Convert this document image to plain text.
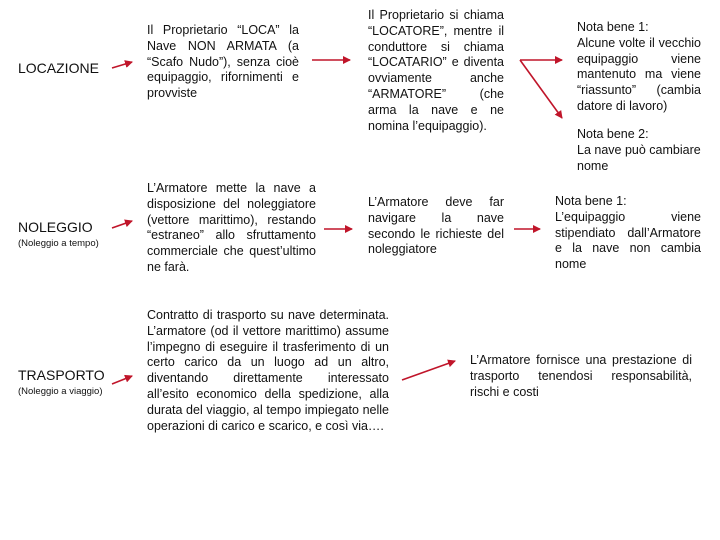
LOCAZIONE
Il Proprietario “LOCA” la Nave NON ARMATA (a “Scafo Nudo”), senza cioè equipaggio, rifornimenti e provviste
Il Proprietario si chiama “LOCATORE”, mentre il conduttore si chiama “LOCATARIO” e diventa ovviamente anche “ARMATORE” (che arma la nave e ne nomina l’equipaggio).
Nota bene 1:
Alcune volte il vecchio equipaggio viene mantenuto ma viene “riassunto” (cambia datore di lavoro)
Nota bene 2:
La nave può cambiare nome
NOLEGGIO
(Noleggio a tempo)
L’Armatore mette la nave a disposizione del noleggiatore (vettore marittimo), restando “estraneo” allo sfruttamento commerciale che quest’ultimo ne farà.
L’Armatore deve far navigare la nave secondo le richieste del noleggiatore
Nota bene 1:
L’equipaggio viene stipendiato dall’Armatore e la nave non cambia nome
TRASPORTO
(Noleggio a viaggio)
Contratto di trasporto su nave determinata. L’armatore (od il vettore marittimo) assume l’impegno di eseguire il trasferimento di un certo carico da un luogo ad un altro, diventando direttamente interessato all’esito economico della spedizione, alla durata del viaggio, al tempo impiegato nelle operazioni di carico e scarico, e così via….
L’Armatore fornisce una prestazione di trasporto tenendosi responsabilità, rischi e costi
